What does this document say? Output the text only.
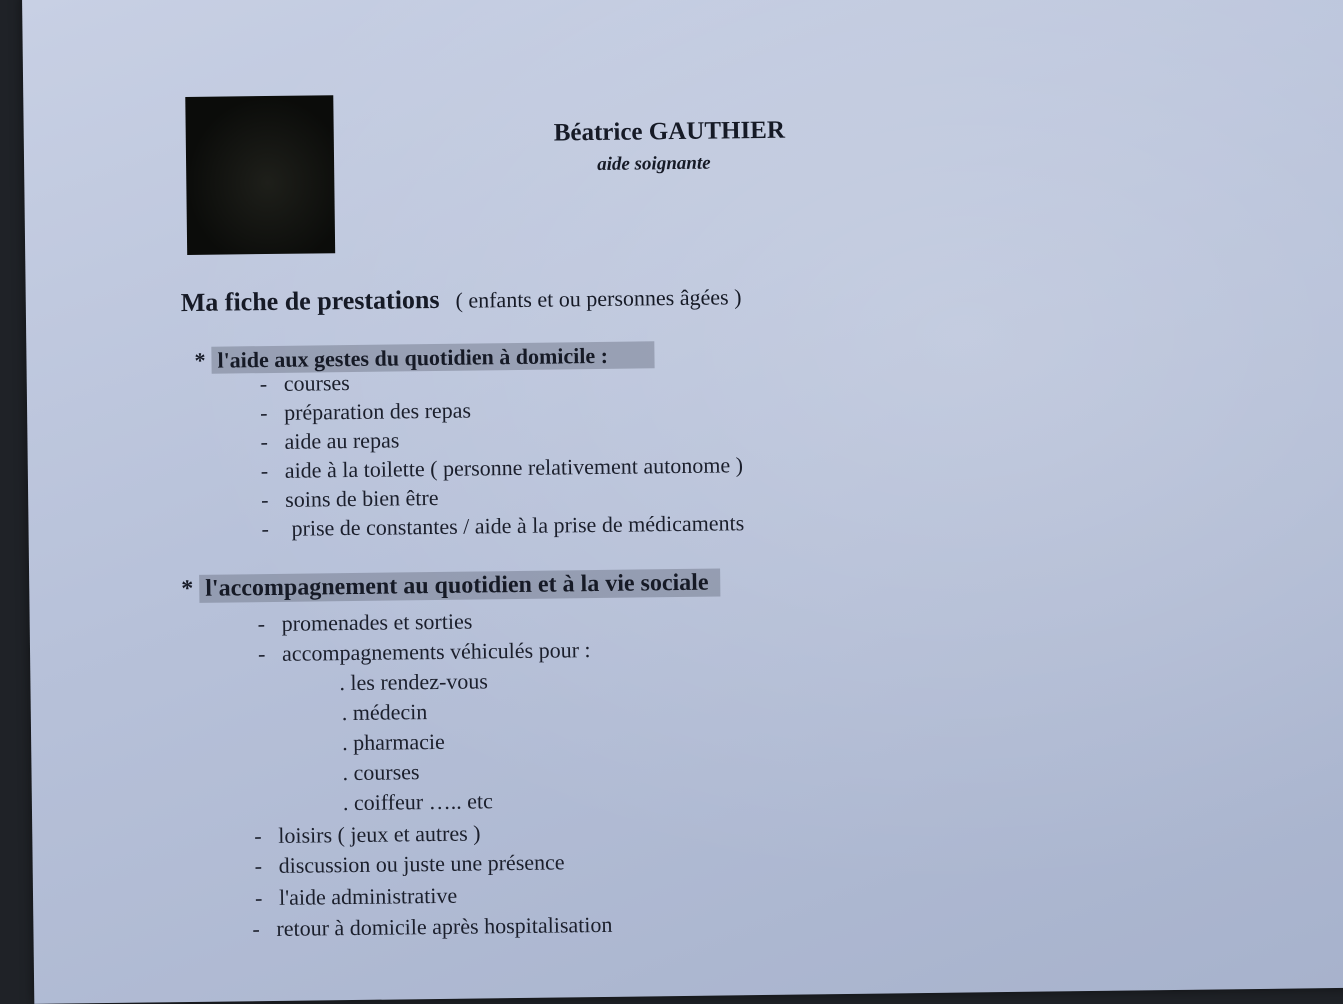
Béatrice GAUTHIER
aide soignante
Ma fiche de prestations ( enfants et ou personnes âgées )
* l'aide aux gestes du quotidien à domicile :
- courses
- préparation des repas
- aide au repas
- aide à la toilette ( personne relativement autonome )
- soins de bien être
- prise de constantes / aide à la prise de médicaments
* l'accompagnement au quotidien et à la vie sociale
- promenades et sorties
- accompagnements véhiculés pour :
. les rendez-vous
. médecin
. pharmacie
. courses
. coiffeur ….. etc
- loisirs ( jeux et autres )
- discussion ou juste une présence
- l'aide administrative
- retour à domicile après hospitalisation
